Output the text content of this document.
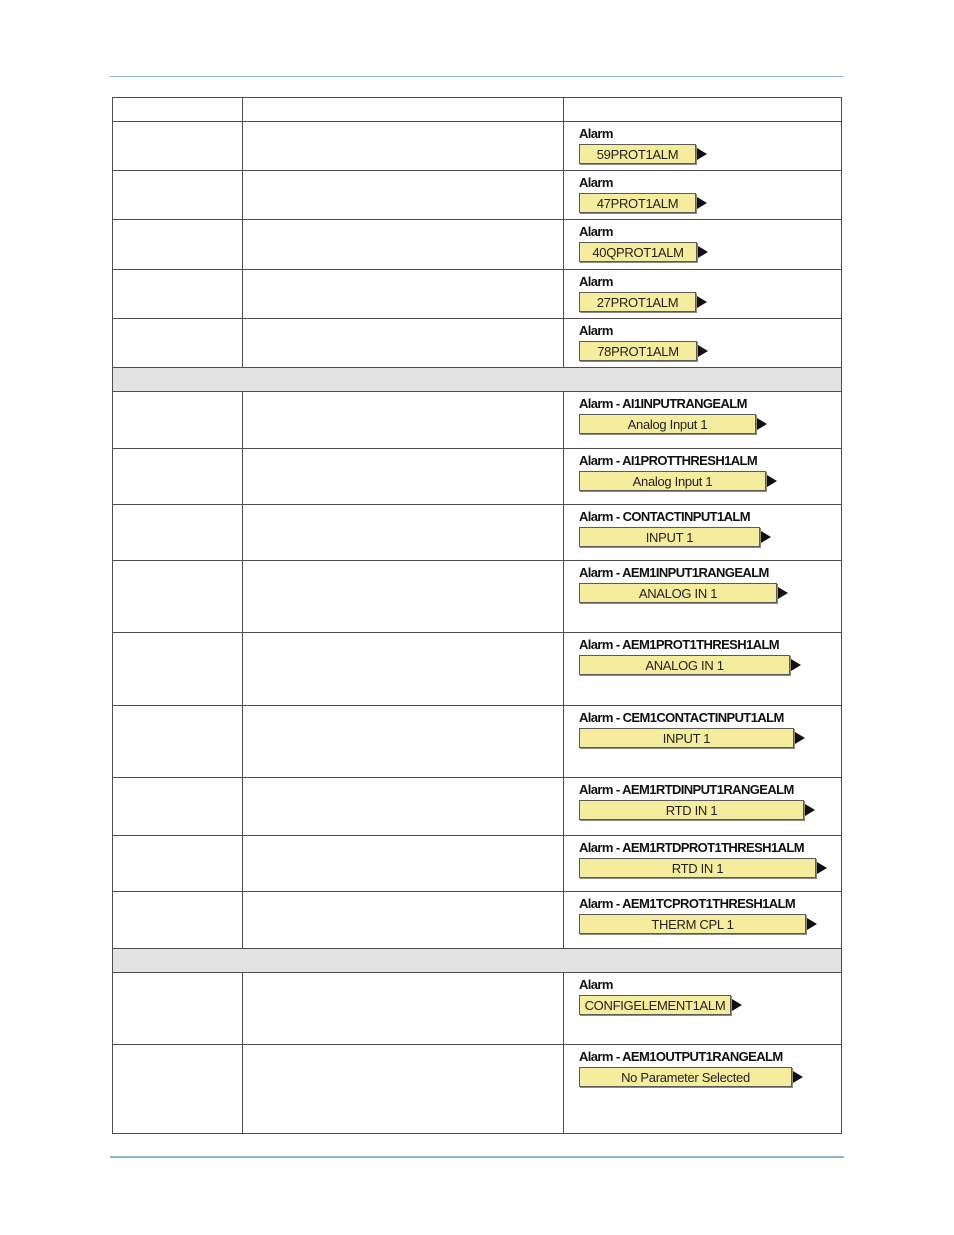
		Alarm
59PROT1ALM

		Alarm
47PROT1ALM

		Alarm
40QPROT1ALM

		Alarm
27PROT1ALM

		Alarm
78PROT1ALM

		Alarm - AI1INPUTRANGEALM
Analog Input 1

		Alarm - AI1PROTTHRESH1ALM
Analog Input 1

		Alarm - CONTACTINPUT1ALM
INPUT 1

		Alarm - AEM1INPUT1RANGEALM
ANALOG IN 1

		Alarm - AEM1PROT1THRESH1ALM
ANALOG IN 1

		Alarm - CEM1CONTACTINPUT1ALM
INPUT 1

		Alarm - AEM1RTDINPUT1RANGEALM
RTD IN 1

		Alarm - AEM1RTDPROT1THRESH1ALM
RTD IN 1

		Alarm - AEM1TCPROT1THRESH1ALM
THERM CPL 1

		Alarm
CONFIGELEMENT1ALM

		Alarm - AEM1OUTPUT1RANGEALM
No Parameter Selected
